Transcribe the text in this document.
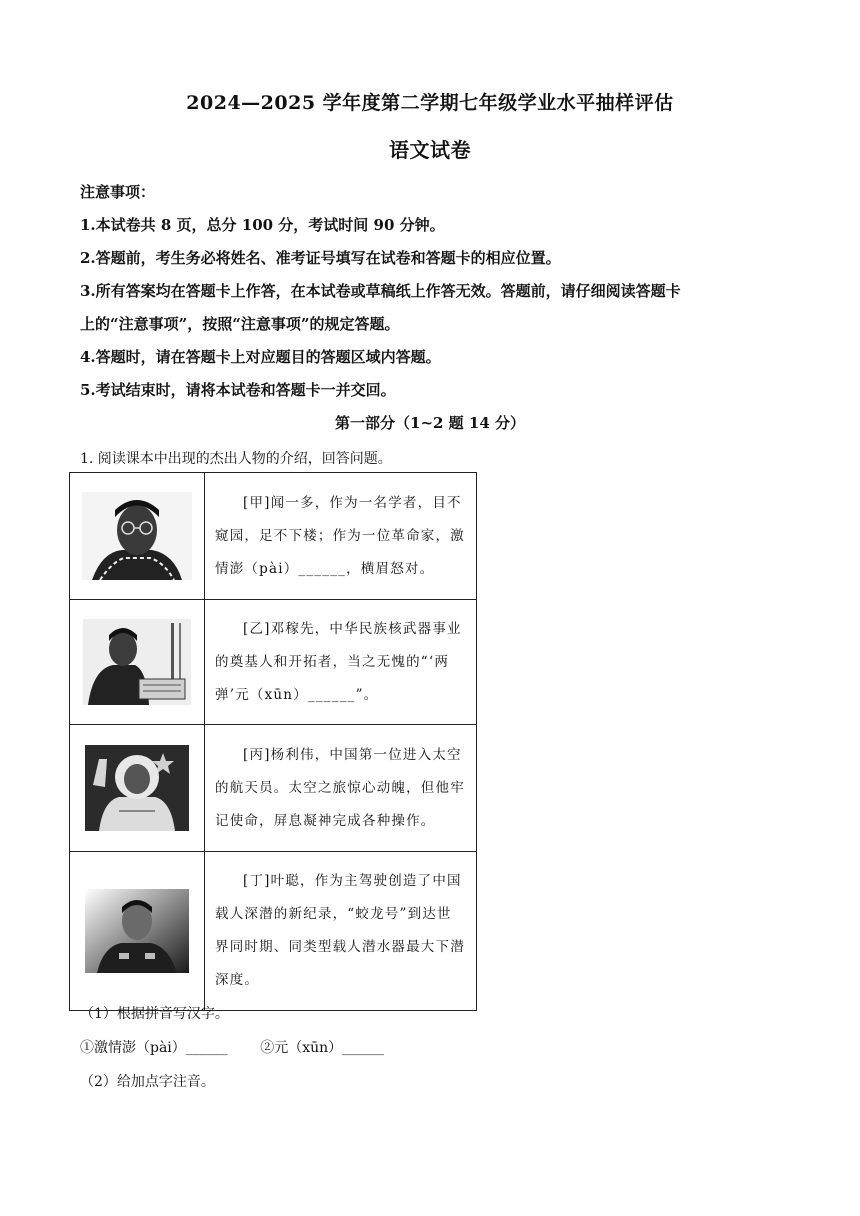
2024—2025 学年度第二学期七年级学业水平抽样评估
语文试卷
注意事项：
1.本试卷共 8 页，总分 100 分，考试时间 90 分钟。
2.答题前，考生务必将姓名、准考证号填写在试卷和答题卡的相应位置。
3.所有答案均在答题卡上作答，在本试卷或草稿纸上作答无效。答题前，请仔细阅读答题卡
上的“注意事项”，按照“注意事项”的规定答题。
4.答题时，请在答题卡上对应题目的答题区域内答题。
5.考试结束时，请将本试卷和答题卡一并交回。
第一部分（1~2 题 14 分）
1. 阅读课本中出现的杰出人物的介绍，回答问题。

[甲]闻一多，作为一名学者，目不
窥园，足不下楼；作为一位革命家，激
情澎（pài）______，横眉怒对。

[乙]邓稼先，中华民族核武器事业
的奠基人和开拓者，当之无愧的“‘两
弹’元（xūn）______”。

[丙]杨利伟，中国第一位进入太空
的航天员。太空之旅惊心动魄，但他牢
记使命，屏息凝神完成各种操作。

[丁]叶聪，作为主驾驶创造了中国
载人深潜的新纪录，“蛟龙号”到达世
界同时期、同类型载人潜水器最大下潜
深度。
（1）根据拼音写汉字。
①激情澎（pài）______ ②元（xūn）______
（2）给加点字注音。
